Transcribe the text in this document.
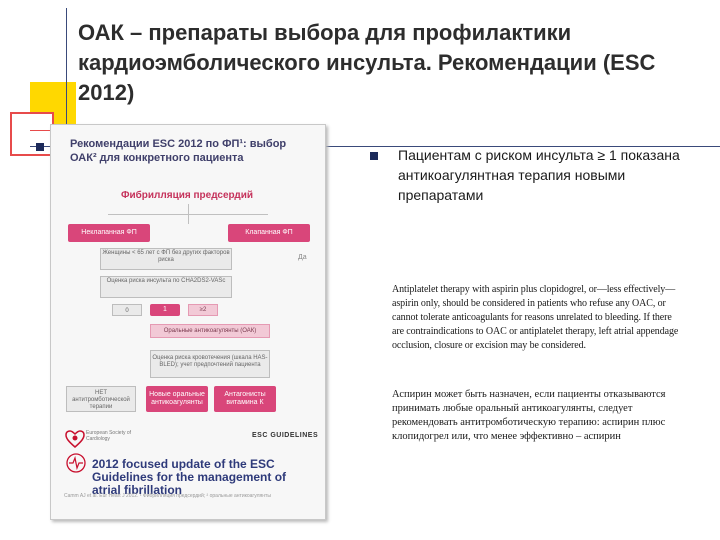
ОАК – препараты выбора для профилактики кардиоэмболического инсульта. Рекомендации (ESC 2012)
Рекомендации ESC 2012 по ФП¹: выбор ОАК² для конкретного пациента
Фибрилляция предсердий
Неклапанная ФП	Клапанная ФП
Женщины < 65 лет с ФП без других факторов риска
Оценка риска инсульта по CHA2DS2-VASc
0	1	≥2
Оральные антикоагулянты (ОАК)
Оценка риска кровотечения (шкала HAS-BLED); учет предпочтений пациента
Да
НЕТ антитромботической терапии
Новые оральные антикоагулянты
Антагонисты витамина К
European Society of Cardiology	ESC GUIDELINES
2012 focused update of the ESC Guidelines for the management of atrial fibrillation
Camm AJ et al. Eur Heart J 2012. ¹ Фибрилляция предсердий; ² оральные антикоагулянты
Пациентам с риском инсульта ≥ 1 показана антикоагулянтная терапия новыми препаратами
Antiplatelet therapy with aspirin plus clopidogrel, or—less effectively—aspirin only, should be considered in patients who refuse any OAC, or cannot tolerate anticoagulants for reasons unrelated to bleeding. If there are contraindications to OAC or antiplatelet therapy, left atrial appendage occlusion, closure or excision may be considered.
Аспирин может быть назначен, если пациенты отказываются принимать любые оральный антикоагулянты, следует рекомендовать антитромботическую терапию: аспирин плюс клопидогрел или, что менее эффективно – аспирин
